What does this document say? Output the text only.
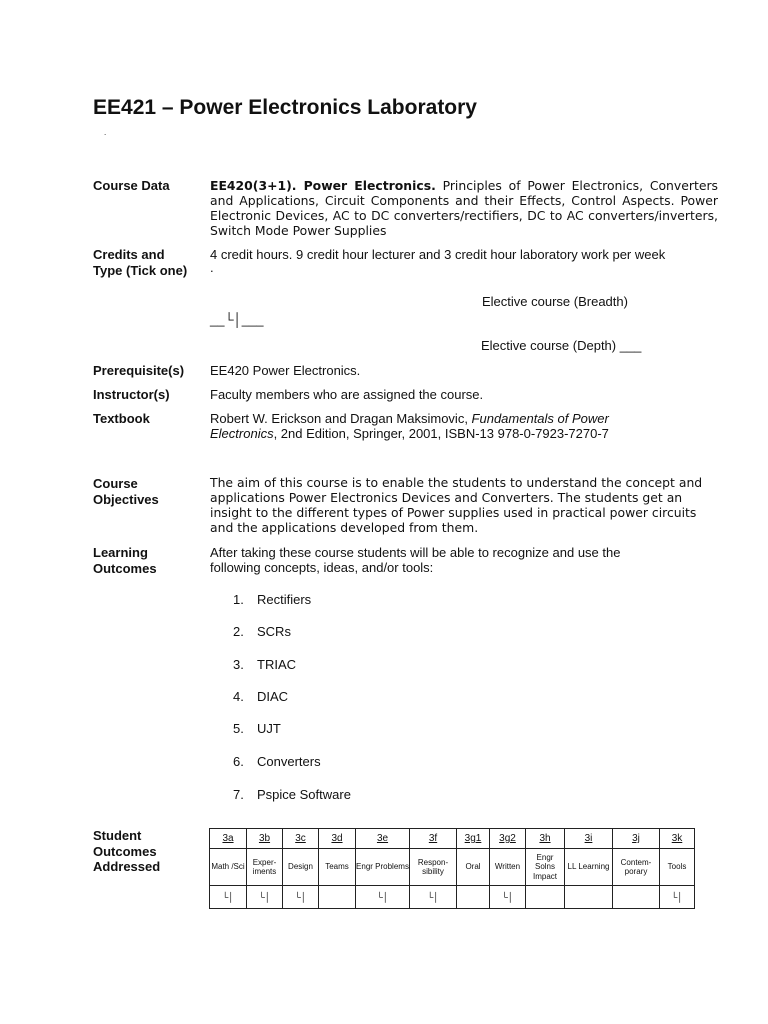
EE421 – Power Electronics Laboratory
.
Course Data	EE420(3+1). Power Electronics. Principles of Power Electronics, Converters and Applications, Circuit Components and their Effects, Control Aspects. Power Electronic Devices, AC to DC converters/rectifiers, DC to AC converters/inverters, Switch Mode Power Supplies
Credits and
Type (Tick one)
4 credit hours. 9 credit hour lecturer and 3 credit hour laboratory work per week
.
Elective course (Breadth)
__└│___
Elective course (Depth) ___
Prerequisite(s) EE420 Power Electronics.
Instructor(s)	Faculty members who are assigned the course.
Textbook	Robert W. Erickson and Dragan Maksimovic, Fundamentals of Power
Electronics, 2nd Edition, Springer, 2001, ISBN-13 978-0-7923-7270-7
Course
Objectives
The aim of this course is to enable the students to understand the concept and applications Power Electronics Devices and Converters. The students get an insight to the different types of Power supplies used in practical power circuits and the applications developed from them.
Learning
Outcomes
After taking these course students will be able to recognize and use the
following concepts, ideas, and/or tools:
1. Rectifiers
2. SCRs
3. TRIAC
4. DIAC
5. UJT
6. Converters
7. Pspice Software
Student
Outcomes
Addressed
3a	3b	3c	3d	3e	3f	3g1	3g2	3h	3i	3j	3k
Math /Sci	Exper-iments	Design	Teams	Engr Problems	Respon-sibility	Oral	Written	Engr Solns Impact	LL Learning	Contem-porary	Tools
└│	└│	└│		└│	└│		└│				└│
